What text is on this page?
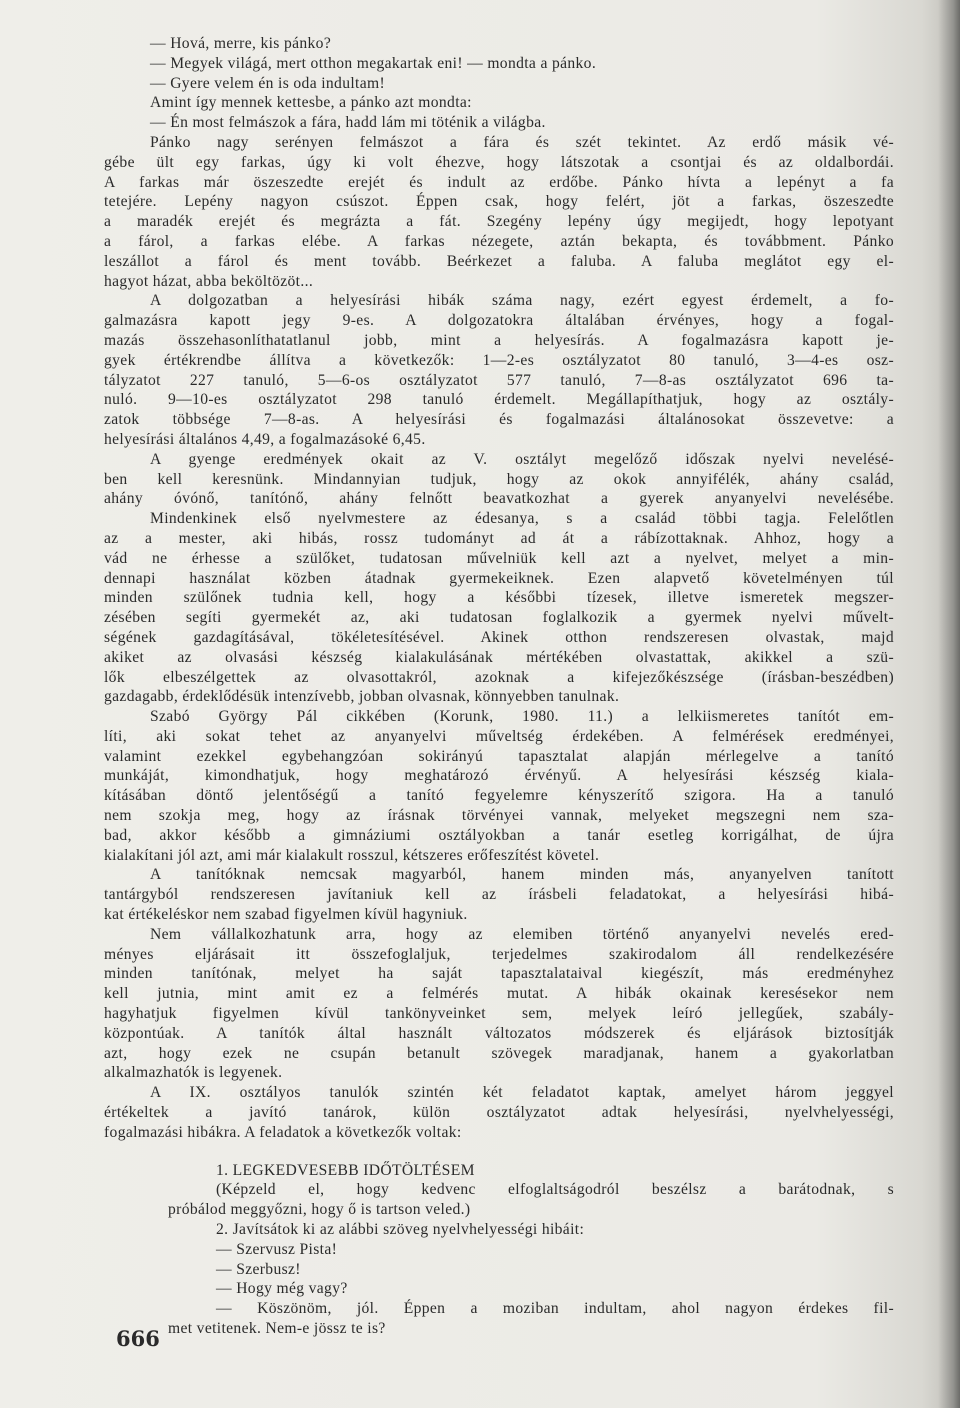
— Hová, merre, kis pánko?
— Megyek világá, mert otthon megakartak eni! — mondta a pánko.
— Gyere velem én is oda indultam!
Amint így mennek kettesbe, a pánko azt mondta:
— Én most felmászok a fára, hadd lám mi töténik a világba.
Pánko nagy serényen felmászot a fára és szét tekintet. Az erdő másik vé-
gébe ült egy farkas, úgy ki volt éhezve, hogy látszotak a csontjai és az oldalbordái.
A farkas már öszeszedte erejét és indult az erdőbe. Pánko hívta a lepényt a fa
tetejére. Lepény nagyon csúszot. Éppen csak, hogy felért, jöt a farkas, öszeszedte
a maradék erejét és megrázta a fát. Szegény lepény úgy megijedt, hogy lepotyant
a fárol, a farkas elébe. A farkas nézegete, aztán bekapta, és továbbment. Pánko
leszállot a fárol és ment tovább. Beérkezet a faluba. A faluba meglátot egy el-
hagyot házat, abba beköltözöt...
A dolgozatban a helyesírási hibák száma nagy, ezért egyest érdemelt, a fo-
galmazásra kapott jegy 9-es. A dolgozatokra általában érvényes, hogy a fogal-
mazás összehasonlíthatatlanul jobb, mint a helyesírás. A fogalmazásra kapott je-
gyek értékrendbe állítva a következők: 1—2-es osztályzatot 80 tanuló, 3—4-es osz-
tályzatot 227 tanuló, 5—6-os osztályzatot 577 tanuló, 7—8-as osztályzatot 696 ta-
nuló. 9—10-es osztályzatot 298 tanuló érdemelt. Megállapíthatjuk, hogy az osztály-
zatok többsége 7—8-as. A helyesírási és fogalmazási általánosokat összevetve: a
helyesírási általános 4,49, a fogalmazásoké 6,45.
A gyenge eredmények okait az V. osztályt megelőző időszak nyelvi nevelésé-
ben kell keresnünk. Mindannyian tudjuk, hogy az okok annyifélék, ahány család,
ahány óvónő, tanítónő, ahány felnőtt beavatkozhat a gyerek anyanyelvi nevelésébe.
Mindenkinek első nyelvmestere az édesanya, s a család többi tagja. Felelőtlen
az a mester, aki hibás, rossz tudományt ad át a rábízottaknak. Ahhoz, hogy a
vád ne érhesse a szülőket, tudatosan művelniük kell azt a nyelvet, melyet a min-
dennapi használat közben átadnak gyermekeiknek. Ezen alapvető követelményen túl
minden szülőnek tudnia kell, hogy a későbbi tízesek, illetve ismeretek megszer-
zésében segíti gyermekét az, aki tudatosan foglalkozik a gyermek nyelvi művelt-
ségének gazdagításával, tökéletesítésével. Akinek otthon rendszeresen olvastak, majd
akiket az olvasási készség kialakulásának mértékében olvastattak, akikkel a szü-
lők elbeszélgettek az olvasottakról, azoknak a kifejezőkészsége (írásban-beszédben)
gazdagabb, érdeklődésük intenzívebb, jobban olvasnak, könnyebben tanulnak.
Szabó György Pál cikkében (Korunk, 1980. 11.) a lelkiismeretes tanítót em-
líti, aki sokat tehet az anyanyelvi műveltség érdekében. A felmérések eredményei,
valamint ezekkel egybehangzóan sokirányú tapasztalat alapján mérlegelve a tanító
munkáját, kimondhatjuk, hogy meghatározó érvényű. A helyesírási készség kiala-
kításában döntő jelentőségű a tanító fegyelemre kényszerítő szigora. Ha a tanuló
nem szokja meg, hogy az írásnak törvényei vannak, melyeket megszegni nem sza-
bad, akkor később a gimnáziumi osztályokban a tanár esetleg korrigálhat, de újra
kialakítani jól azt, ami már kialakult rosszul, kétszeres erőfeszítést követel.
A tanítóknak nemcsak magyarból, hanem minden más, anyanyelven tanított
tantárgyból rendszeresen javítaniuk kell az írásbeli feladatokat, a helyesírási hibá-
kat értékeléskor nem szabad figyelmen kívül hagyniuk.
Nem vállalkozhatunk arra, hogy az elemiben történő anyanyelvi nevelés ered-
ményes eljárásait itt összefoglaljuk, terjedelmes szakirodalom áll rendelkezésére
minden tanítónak, melyet ha saját tapasztalataival kiegészít, más eredményhez
kell jutnia, mint amit ez a felmérés mutat. A hibák okainak keresésekor nem
hagyhatjuk figyelmen kívül tankönyveinket sem, melyek leíró jellegűek, szabály-
központúak. A tanítók által használt változatos módszerek és eljárások biztosítják
azt, hogy ezek ne csupán betanult szövegek maradjanak, hanem a gyakorlatban
alkalmazhatók is legyenek.
A IX. osztályos tanulók szintén két feladatot kaptak, amelyet három jeggyel
értékeltek a javító tanárok, külön osztályzatot adtak helyesírási, nyelvhelyességi,
fogalmazási hibákra. A feladatok a következők voltak:
1. LEGKEDVESEBB IDŐTÖLTÉSEM
(Képzeld el, hogy kedvenc elfoglaltságodról beszélsz a barátodnak, s
próbálod meggyőzni, hogy ő is tartson veled.)
2. Javítsátok ki az alábbi szöveg nyelvhelyességi hibáit:
— Szervusz Pista!
— Szerbusz!
— Hogy még vagy?
— Köszönöm, jól. Éppen a moziban indultam, ahol nagyon érdekes fil-
met vetitenek. Nem-e jössz te is?
666
